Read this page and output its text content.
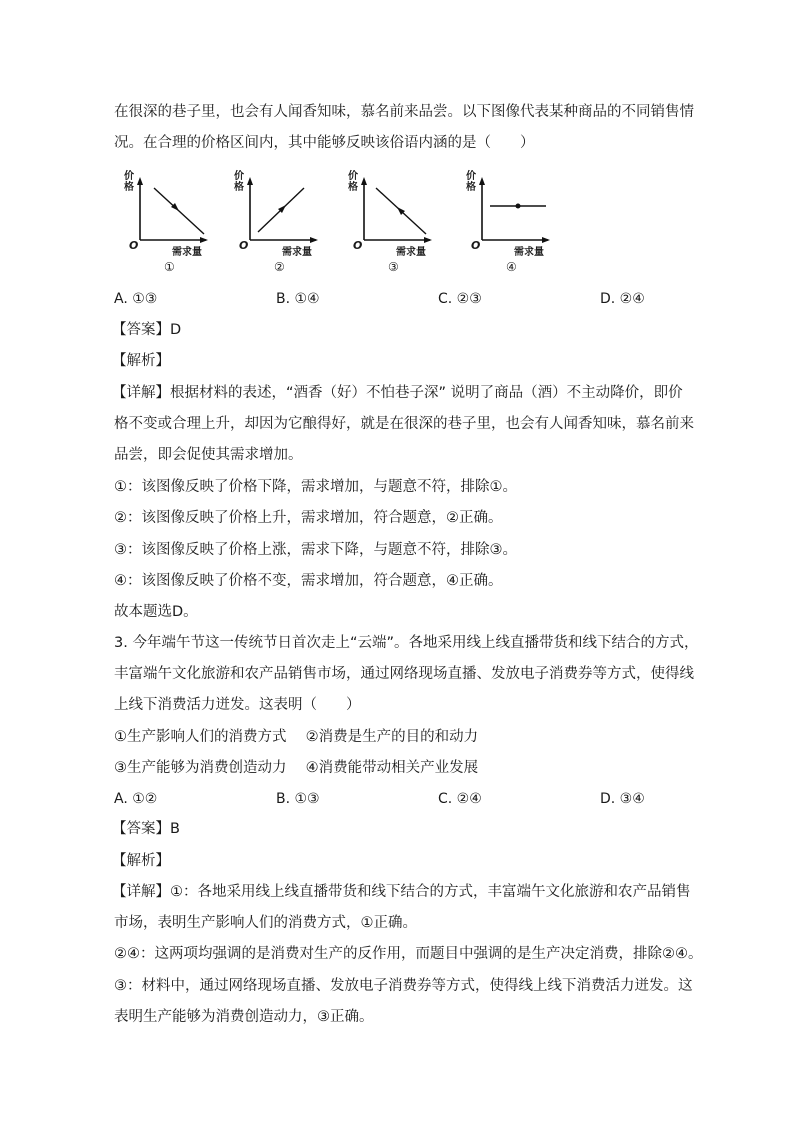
在很深的巷子里，也会有人闻香知味，慕名前来品尝。以下图像代表某种商品的不同销售情
况。在合理的价格区间内，其中能够反映该俗语内涵的是（　　）
价
格
O
需求量
①
价
格
O
需求量
②
价
格
O
需求量
③
价
格
O
需求量
④
A. ①③	B. ①④	C. ②③	D. ②④
【答案】D
【解析】
【详解】根据材料的表述，“酒香（好）不怕巷子深” 说明了商品（酒）不主动降价，即价
格不变或合理上升，却因为它酿得好，就是在很深的巷子里，也会有人闻香知味，慕名前来
品尝，即会促使其需求增加。
①：该图像反映了价格下降，需求增加，与题意不符，排除①。
②：该图像反映了价格上升，需求增加，符合题意，②正确。
③：该图像反映了价格上涨，需求下降，与题意不符，排除③。
④：该图像反映了价格不变，需求增加，符合题意，④正确。
故本题选D。
3. 今年端午节这一传统节日首次走上“云端”。各地采用线上线直播带货和线下结合的方式，
丰富端午文化旅游和农产品销售市场，通过网络现场直播、发放电子消费券等方式，使得线
上线下消费活力迸发。这表明（　　）
①生产影响人们的消费方式　 ②消费是生产的目的和动力
③生产能够为消费创造动力　 ④消费能带动相关产业发展
A. ①②	B. ①③	C. ②④	D. ③④
【答案】B
【解析】
【详解】①：各地采用线上线直播带货和线下结合的方式，丰富端午文化旅游和农产品销售
市场，表明生产影响人们的消费方式，①正确。
②④：这两项均强调的是消费对生产的反作用，而题目中强调的是生产决定消费，排除②④。
③：材料中，通过网络现场直播、发放电子消费券等方式，使得线上线下消费活力迸发。这
表明生产能够为消费创造动力，③正确。
